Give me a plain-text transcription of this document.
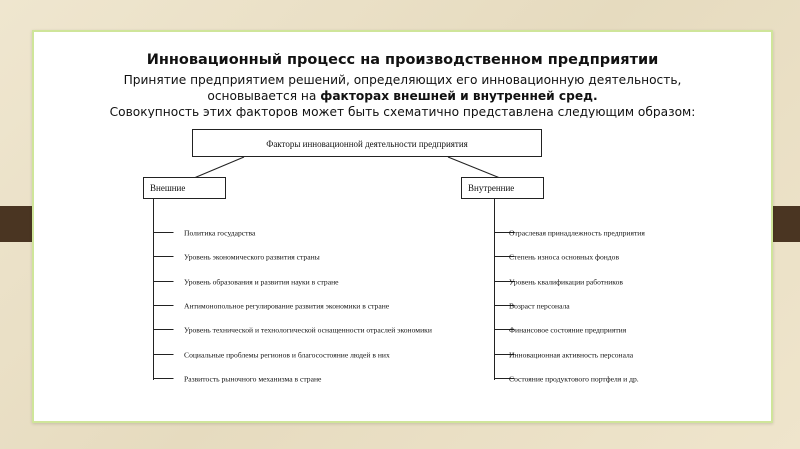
Инновационный процесс на производственном предприятии
Принятие предприятием решений, определяющих его инновационную деятельность,
основывается на факторах внешней и внутренней сред.
Совокупность этих факторов может быть схематично представлена следующим образом:
Факторы инновационной деятельности предприятия
Внешние	Внутренние
Политика государства
Уровень экономического развития страны
Уровень образования и развития науки в стране
Антимонопольное регулирование развития экономики в стране
Уровень технической и технологической оснащенности отраслей экономики
Социальные проблемы регионов и благосостояние людей в них
Развитость рыночного механизма в стране
Отраслевая принадлежность предприятия
Степень износа основных фондов
Уровень квалификации работников
Возраст персонала
Финансовое состояние предприятия
Инновационная активность персонала
Состояние продуктового портфеля и др.
